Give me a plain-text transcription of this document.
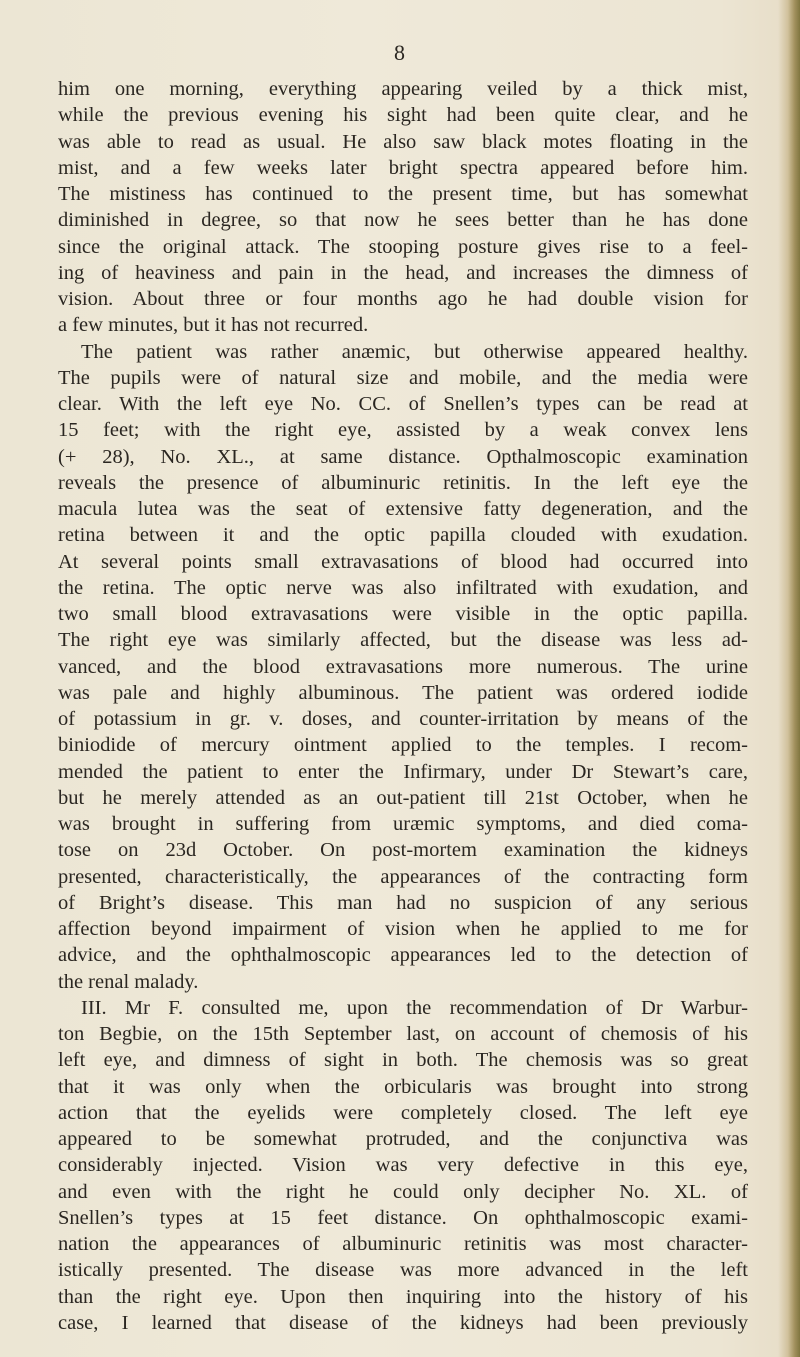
8
him one morning, everything appearing veiled by a thick mist,
while the previous evening his sight had been quite clear, and he
was able to read as usual. He also saw black motes floating in the
mist, and a few weeks later bright spectra appeared before him.
The mistiness has continued to the present time, but has somewhat
diminished in degree, so that now he sees better than he has done
since the original attack. The stooping posture gives rise to a feel-
ing of heaviness and pain in the head, and increases the dimness of
vision. About three or four months ago he had double vision for
a few minutes, but it has not recurred.
The patient was rather anæmic, but otherwise appeared healthy.
The pupils were of natural size and mobile, and the media were
clear. With the left eye No. CC. of Snellen’s types can be read at
15 feet; with the right eye, assisted by a weak convex lens
(+ 28), No. XL., at same distance. Opthalmoscopic examination
reveals the presence of albuminuric retinitis. In the left eye the
macula lutea was the seat of extensive fatty degeneration, and the
retina between it and the optic papilla clouded with exudation.
At several points small extravasations of blood had occurred into
the retina. The optic nerve was also infiltrated with exudation, and
two small blood extravasations were visible in the optic papilla.
The right eye was similarly affected, but the disease was less ad-
vanced, and the blood extravasations more numerous. The urine
was pale and highly albuminous. The patient was ordered iodide
of potassium in gr. v. doses, and counter-irritation by means of the
biniodide of mercury ointment applied to the temples. I recom-
mended the patient to enter the Infirmary, under Dr Stewart’s care,
but he merely attended as an out-patient till 21st October, when he
was brought in suffering from uræmic symptoms, and died coma-
tose on 23d October. On post-mortem examination the kidneys
presented, characteristically, the appearances of the contracting form
of Bright’s disease. This man had no suspicion of any serious
affection beyond impairment of vision when he applied to me for
advice, and the ophthalmoscopic appearances led to the detection of
the renal malady.
III. Mr F. consulted me, upon the recommendation of Dr Warbur-
ton Begbie, on the 15th September last, on account of chemosis of his
left eye, and dimness of sight in both. The chemosis was so great
that it was only when the orbicularis was brought into strong
action that the eyelids were completely closed. The left eye
appeared to be somewhat protruded, and the conjunctiva was
considerably injected. Vision was very defective in this eye,
and even with the right he could only decipher No. XL. of
Snellen’s types at 15 feet distance. On ophthalmoscopic exami-
nation the appearances of albuminuric retinitis was most character-
istically presented. The disease was more advanced in the left
than the right eye. Upon then inquiring into the history of his
case, I learned that disease of the kidneys had been previously
